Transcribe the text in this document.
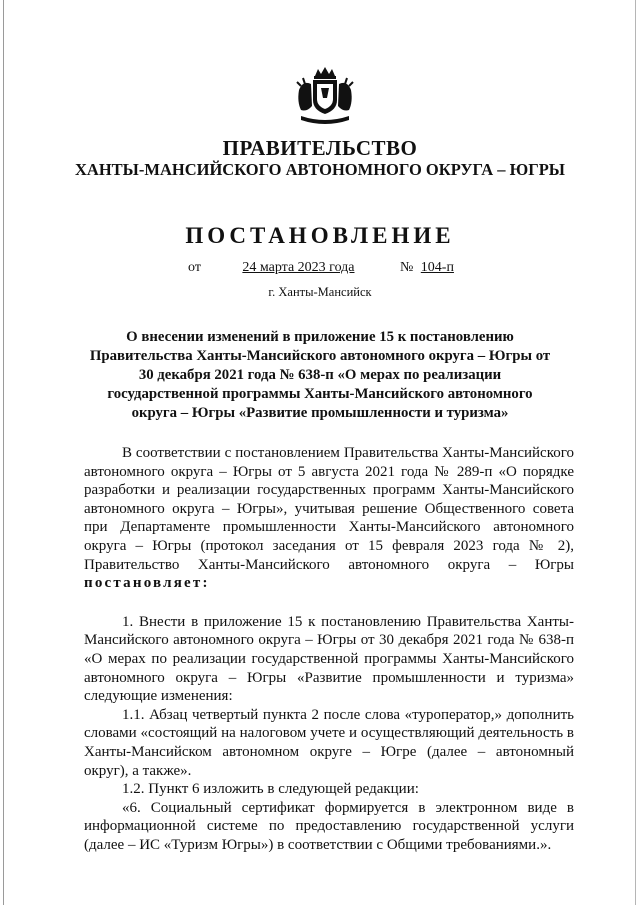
ПРАВИТЕЛЬСТВО
ХАНТЫ-МАНСИЙСКОГО АВТОНОМНОГО ОКРУГА – ЮГРЫ
ПОСТАНОВЛЕНИЕ
от	24 марта 2023 года	№ 104-п
г. Ханты-Мансийск
О внесении изменений в приложение 15 к постановлению Правительства Ханты-Мансийского автономного округа – Югры от 30 декабря 2021 года № 638-п «О мерах по реализации государственной программы Ханты-Мансийского автономного округа – Югры «Развитие промышленности и туризма»

В соответствии с постановлением Правительства Ханты-Мансийского автономного округа – Югры от 5 августа 2021 года № 289-п «О порядке разработки и реализации государственных программ Ханты-Мансийского автономного округа – Югры», учитывая решение Общественного совета при Департаменте промышленности Ханты-Мансийского автономного округа – Югры (протокол заседания от 15 февраля 2023 года № 2), Правительство Ханты-Мансийского автономного округа – Югры постановляет:

1. Внести в приложение 15 к постановлению Правительства Ханты-Мансийского автономного округа – Югры от 30 декабря 2021 года № 638-п «О мерах по реализации государственной программы Ханты-Мансийского автономного округа – Югры «Развитие промышленности и туризма» следующие изменения:

1.1. Абзац четвертый пункта 2 после слова «туроператор,» дополнить словами «состоящий на налоговом учете и осуществляющий деятельность в Ханты-Мансийском автономном округе – Югре (далее – автономный округ), а также».

1.2. Пункт 6 изложить в следующей редакции:

«6. Социальный сертификат формируется в электронном виде в информационной системе по предоставлению государственной услуги (далее – ИС «Туризм Югры») в соответствии с Общими требованиями.».
